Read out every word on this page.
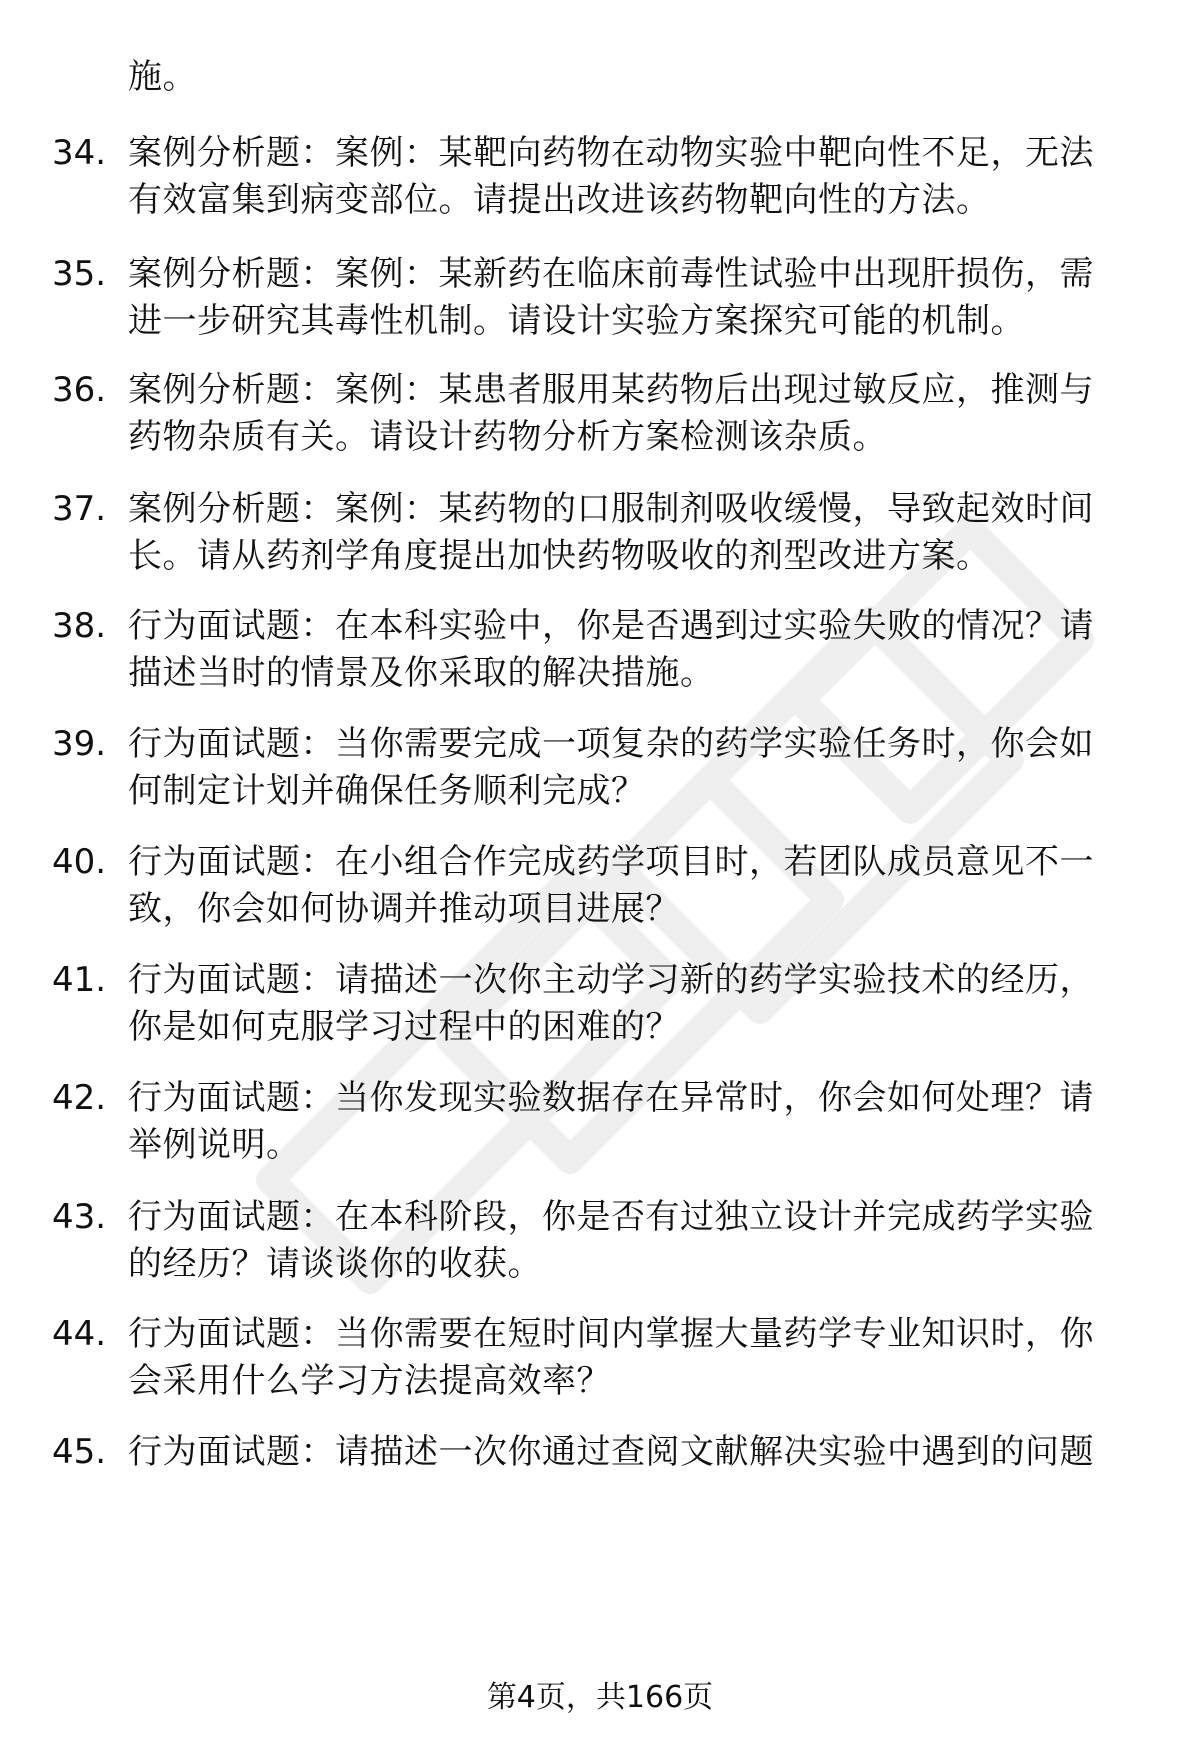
施。
34. 案例分析题：案例：某靶向药物在动物实验中靶向性不足，无法
有效富集到病变部位。请提出改进该药物靶向性的方法。
35. 案例分析题：案例：某新药在临床前毒性试验中出现肝损伤，需
进一步研究其毒性机制。请设计实验方案探究可能的机制。
36. 案例分析题：案例：某患者服用某药物后出现过敏反应，推测与
药物杂质有关。请设计药物分析方案检测该杂质。
37. 案例分析题：案例：某药物的口服制剂吸收缓慢，导致起效时间
长。请从药剂学角度提出加快药物吸收的剂型改进方案。
38. 行为面试题：在本科实验中，你是否遇到过实验失败的情况？请
描述当时的情景及你采取的解决措施。
39. 行为面试题：当你需要完成一项复杂的药学实验任务时，你会如
何制定计划并确保任务顺利完成？
40. 行为面试题：在小组合作完成药学项目时，若团队成员意见不一
致，你会如何协调并推动项目进展？
41. 行为面试题：请描述一次你主动学习新的药学实验技术的经历，
你是如何克服学习过程中的困难的？
42. 行为面试题：当你发现实验数据存在异常时，你会如何处理？请
举例说明。
43. 行为面试题：在本科阶段，你是否有过独立设计并完成药学实验
的经历？请谈谈你的收获。
44. 行为面试题：当你需要在短时间内掌握大量药学专业知识时，你
会采用什么学习方法提高效率？
45. 行为面试题：请描述一次你通过查阅文献解决实验中遇到的问题
第4页，共166页
